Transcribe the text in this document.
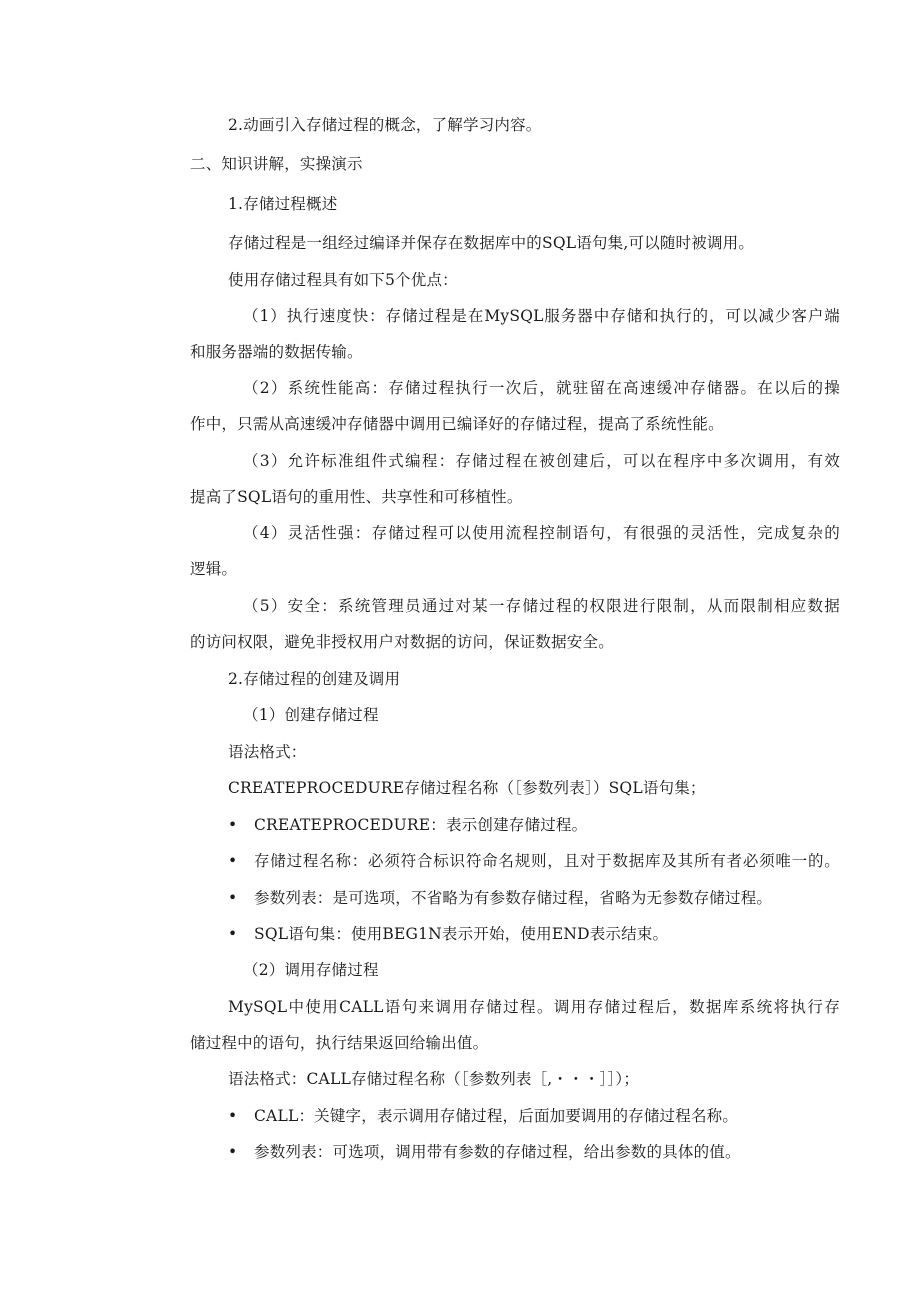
2.动画引入存储过程的概念，了解学习内容。
二、知识讲解，实操演示
1.存储过程概述
存储过程是一组经过编译并保存在数据库中的SQL语句集,可以随时被调用。
使用存储过程具有如下5个优点：
（1）执行速度快：存储过程是在MySQL服务器中存储和执行的，可以减少客户端
和服务器端的数据传输。
（2）系统性能高：存储过程执行一次后，就驻留在高速缓冲存储器。在以后的操
作中，只需从高速缓冲存储器中调用已编译好的存储过程，提高了系统性能。
（3）允许标准组件式编程：存储过程在被创建后，可以在程序中多次调用，有效
提高了SQL语句的重用性、共享性和可移植性。
（4）灵活性强：存储过程可以使用流程控制语句，有很强的灵活性，完成复杂的
逻辑。
（5）安全：系统管理员通过对某一存储过程的权限进行限制，从而限制相应数据
的访问权限，避免非授权用户对数据的访问，保证数据安全。
2.存储过程的创建及调用
（1）创建存储过程
语法格式：
CREATEPROCEDURE存储过程名称（［参数列表］）SQL语句集；
• CREATEPROCEDURE：表示创建存储过程。
• 存储过程名称：必须符合标识符命名规则，且对于数据库及其所有者必须唯一的。
• 参数列表：是可选项，不省略为有参数存储过程，省略为无参数存储过程。
• SQL语句集：使用BEG1N表示开始，使用END表示结束。
（2）调用存储过程
MySQL中使用CALL语句来调用存储过程。调用存储过程后，数据库系统将执行存
储过程中的语句，执行结果返回给输出值。
语法格式：CALL存储过程名称（［参数列表［,・・・］］）；
• CALL：关键字，表示调用存储过程，后面加要调用的存储过程名称。
• 参数列表：可选项，调用带有参数的存储过程，给出参数的具体的值。
